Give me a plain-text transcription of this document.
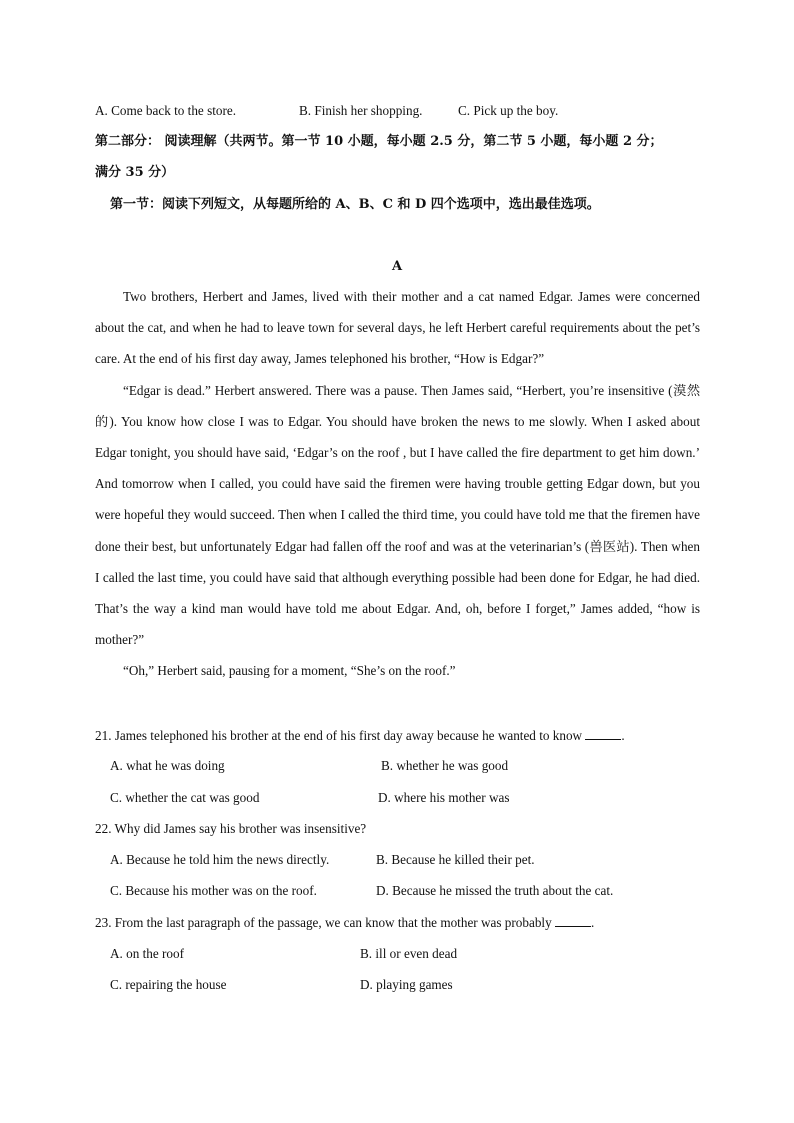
A. Come back to the store.	B. Finish her shopping.	C. Pick up the boy.
第二部分： 阅读理解（共两节。第一节 10 小题，每小题 2.5 分，第二节 5 小题，每小题 2 分；
满分 35 分）
第一节：阅读下列短文，从每题所给的 A、B、C 和 D 四个选项中，选出最佳选项。
A

Two brothers, Herbert and James, lived with their mother and a cat named Edgar. James were concerned about the cat, and when he had to leave town for several days, he left Herbert careful requirements about the pet’s care. At the end of his first day away, James telephoned his brother, “How is Edgar?”

“Edgar is dead.” Herbert answered. There was a pause. Then James said, “Herbert, you’re insensitive (漠然的). You know how close I was to Edgar. You should have broken the news to me slowly. When I asked about Edgar tonight, you should have said, ‘Edgar’s on the roof , but I have called the fire department to get him down.’ And tomorrow when I called, you could have said the firemen were having trouble getting Edgar down, but you were hopeful they would succeed. Then when I called the third time, you could have told me that the firemen have done their best, but unfortunately Edgar had fallen off the roof and was at the veterinarian’s (兽医站). Then when I called the last time, you could have said that although everything possible had been done for Edgar, he had died. That’s the way a kind man would have told me about Edgar. And, oh, before I forget,” James added, “how is mother?”

“Oh,” Herbert said, pausing for a moment, “She’s on the roof.”

21. James telephoned his brother at the end of his first day away because he wanted to know	.
A. what he was doing	B. whether he was good
C. whether the cat was good	D. where his mother was
22. Why did James say his brother was insensitive?
A. Because he told him the news directly.	B. Because he killed their pet.
C. Because his mother was on the roof.	D. Because he missed the truth about the cat.
23. From the last paragraph of the passage, we can know that the mother was probably	.
A. on the roof	B. ill or even dead
C. repairing the house	D. playing games
